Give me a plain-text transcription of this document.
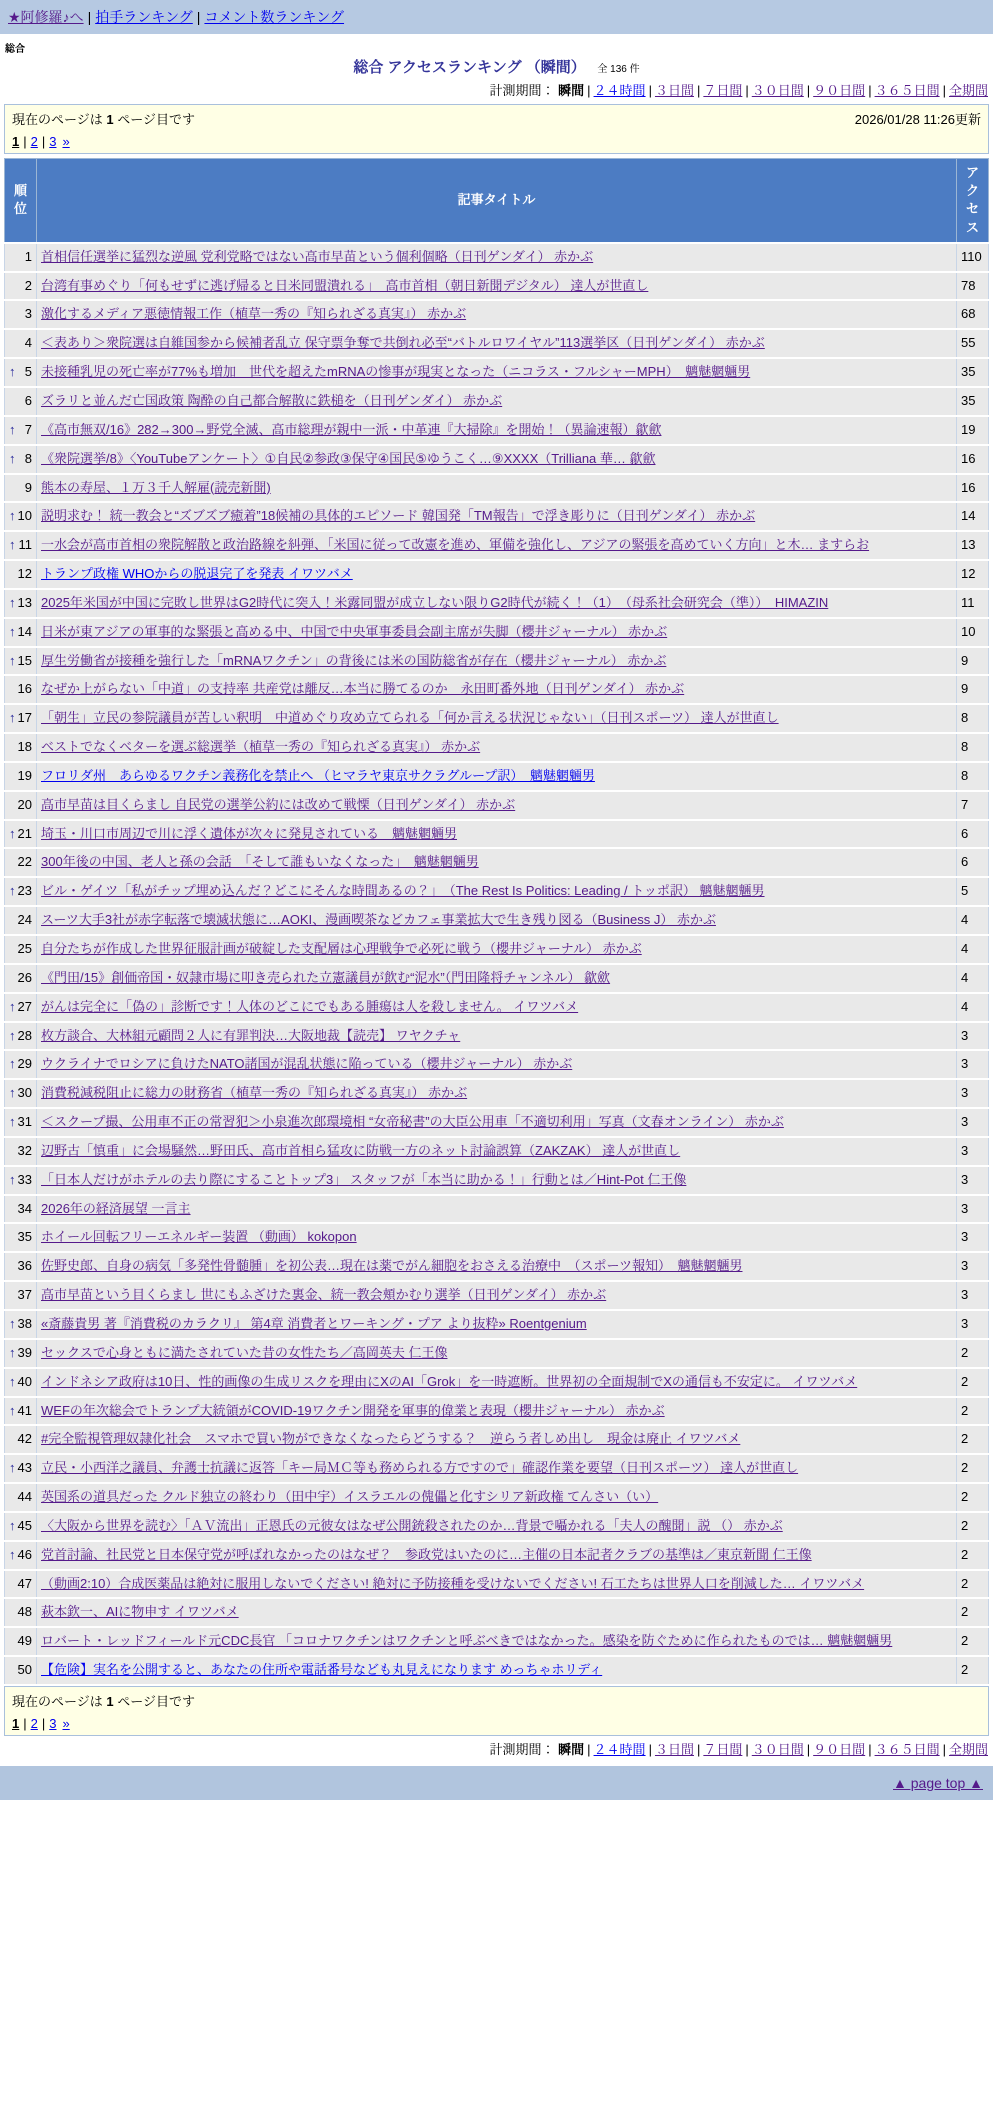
★阿修羅♪へ | 拍手ランキング | コメント数ランキング
総合
総合 アクセスランキング （瞬間） 全 136 件
計測期間： 瞬間 | ２４時間 | ３日間 | ７日間 | ３０日間 | ９０日間 | ３６５日間 | 全期間
現在のページは 1 ページ目です	2026/01/28 11:26更新
1 | 2 | 3 »
順位	記事タイトル	アクセス

1	首相信任選挙に猛烈な逆風 党利党略ではない高市早苗という個利個略（日刊ゲンダイ） 赤かぶ	110

2	台湾有事めぐり「何もせずに逃げ帰ると日米同盟潰れる」　高市首相（朝日新聞デジタル） 達人が世直し	78

3	激化するメディア悪徳情報工作（植草一秀の『知られざる真実』） 赤かぶ	68

4	＜表あり＞衆院選は自維国参から候補者乱立 保守票争奪で共倒れ必至“バトルロワイヤル”113選挙区（日刊ゲンダイ） 赤かぶ	55

↑ 5	未接種乳児の死亡率が77%も増加　世代を超えたmRNAの惨事が現実となった（ニコラス・フルシャーMPH）　魑魅魍魎男	35

6	ズラリと並んだ亡国政策 陶酔の自己都合解散に鉄槌を（日刊ゲンダイ） 赤かぶ	35

↑ 7	《高市無双/16》282→300→野党全滅、高市総理が親中一派・中革連『大掃除』を開始！（異論速報）歙歛	19

↑ 8	《衆院選挙/8》〈YouTubeアンケート〉①自民②参政③保守④国民⑤ゆうこく…⑨XXXX（Trilliana 華… 歙歛	16

9	熊本の寿屋、１万３千人解雇(読売新聞)	16

↑ 10	説明求む！ 統一教会と“ズブズブ癒着”18候補の具体的エピソード 韓国発「TM報告」で浮き彫りに（日刊ゲンダイ） 赤かぶ	14

↑ 11	一水会が高市首相の衆院解散と政治路線を糾弾、「米国に従って改憲を進め、軍備を強化し、アジアの緊張を高めていく方向」と木… ますらお	13

12	トランプ政権 WHOからの脱退完了を発表 イワツバメ	12

↑ 13	2025年米国が中国に完敗し世界はG2時代に突入！米露同盟が成立しない限りG2時代が続く！（1）　（母系社会研究会（準））　HIMAZIN	11

↑ 14	日米が東アジアの軍事的な緊張と高める中、中国で中央軍事委員会副主席が失脚（櫻井ジャーナル） 赤かぶ	10

↑ 15	厚生労働省が接種を強行した「mRNAワクチン」の背後には米の国防総省が存在（櫻井ジャーナル） 赤かぶ	9

16	なぜか上がらない「中道」の支持率 共産党は離反…本当に勝てるのか　永田町番外地（日刊ゲンダイ） 赤かぶ	9

↑ 17	「朝生」立民の参院議員が苦しい釈明　中道めぐり攻め立てられる「何か言える状況じゃない」（日刊スポーツ） 達人が世直し	8

18	ベストでなくベターを選ぶ総選挙（植草一秀の『知られざる真実』） 赤かぶ	8

19	フロリダ州　あらゆるワクチン義務化を禁止へ （ヒマラヤ東京サクラグループ訳）　魑魅魍魎男	8

20	高市早苗は目くらまし 自民党の選挙公約には改めて戦慄（日刊ゲンダイ） 赤かぶ	7

↑ 21	埼玉・川口市周辺で川に浮く遺体が次々に発見されている　魑魅魍魎男	6

22	300年後の中国、老人と孫の会話　「そして誰もいなくなった」　魑魅魍魎男	6

↑ 23	ビル・ゲイツ「私がチップ埋め込んだ？どこにそんな時間あるの？」　（The Rest Is Politics: Leading / トッポ訳） 魑魅魍魎男	5

24	スーツ大手3社が赤字転落で壊滅状態に…AOKI、漫画喫茶などカフェ事業拡大で生き残り図る（Business J） 赤かぶ	4

25	自分たちが作成した世界征服計画が破綻した支配層は心理戦争で必死に戦う（櫻井ジャーナル） 赤かぶ	4

26	《門田/15》創価帝国・奴隷市場に叩き売られた立憲議員が飲む“泥水”（門田隆将チャンネル） 歙歛	4

↑ 27	がんは完全に「偽の」診断です！人体のどこにでもある腫瘍は人を殺しません。 イワツバメ	4

↑ 28	枚方談合、大林組元顧問２人に有罪判決…大阪地裁【読売】 ワヤクチャ	3

↑ 29	ウクライナでロシアに負けたNATO諸国が混乱状態に陥っている（櫻井ジャーナル） 赤かぶ	3

↑ 30	消費税減税阻止に総力の財務省（植草一秀の『知られざる真実』） 赤かぶ	3

↑ 31	＜スクープ撮、公用車不正の常習犯＞小泉進次郎環境相 “女帝秘書”の大臣公用車「不適切利用」写真（文春オンライン） 赤かぶ	3

32	辺野古「慎重」に会場騒然…野田氏、高市首相ら猛攻に防戦一方のネット討論誤算（ZAKZAK） 達人が世直し	3

↑ 33	「日本人だけがホテルの去り際にすることトップ3」 スタッフが「本当に助かる！」行動とは／Hint-Pot 仁王像	3

34	2026年の経済展望 一言主	3

35	ホイール回転フリーエネルギー装置 （動画） kokopon	3

36	佐野史郎、自身の病気「多発性骨髄腫」を初公表…現在は薬でがん細胞をおさえる治療中　（スポーツ報知）　魑魅魍魎男	3

37	高市早苗という目くらまし 世にもふざけた裏金、統一教会頬かむり選挙（日刊ゲンダイ） 赤かぶ	3

↑ 38	«斎藤貴男 著『消費税のカラクリ』 第4章 消費者とワーキング・プア より抜粋» Roentgenium	3

↑ 39	セックスで心身ともに満たされていた昔の女性たち／高岡英夫 仁王像	2

↑ 40	インドネシア政府は10日、性的画像の生成リスクを理由にXのAI「Grok」を一時遮断。世界初の全面規制でXの通信も不安定に。 イワツバメ	2

↑ 41	WEFの年次総会でトランプ大統領がCOVID-19ワクチン開発を軍事的偉業と表現（櫻井ジャーナル） 赤かぶ	2

42	#完全監視管理奴隷化社会　スマホで買い物ができなくなったらどうする？　逆らう者しめ出し　現金は廃止 イワツバメ	2

↑ 43	立民・小西洋之議員、弁護士抗議に返答「キー局ＭＣ等も務められる方ですので」確認作業を要望（日刊スポーツ） 達人が世直し	2

44	英国系の道具だった クルド独立の終わり（田中宇）イスラエルの傀儡と化すシリア新政権 てんさい（い）	2

↑ 45	〈大阪から世界を読む〉「ＡＶ流出」正恩氏の元彼女はなぜ公開銃殺されたのか…背景で囁かれる「夫人の醜聞」説 （） 赤かぶ	2

↑ 46	党首討論、社民党と日本保守党が呼ばれなかったのはなぜ？　参政党はいたのに…主催の日本記者クラブの基準は／東京新聞 仁王像	2

47	（動画2:10）合成医薬品は絶対に服用しないでください! 絶対に予防接種を受けないでください! 石工たちは世界人口を削減した… イワツバメ	2

48	萩本欽一、AIに物申す イワツバメ	2

49	ロバート・レッドフィールド元CDC長官 「コロナワクチンはワクチンと呼ぶべきではなかった。感染を防ぐために作られたものでは… 魑魅魍魎男	2

50	【危険】実名を公開すると、あなたの住所や電話番号なども丸見えになります めっちゃホリディ	2
現在のページは 1 ページ目です
1 | 2 | 3 »
計測期間： 瞬間 | ２４時間 | ３日間 | ７日間 | ３０日間 | ９０日間 | ３６５日間 | 全期間
▲ page top ▲
